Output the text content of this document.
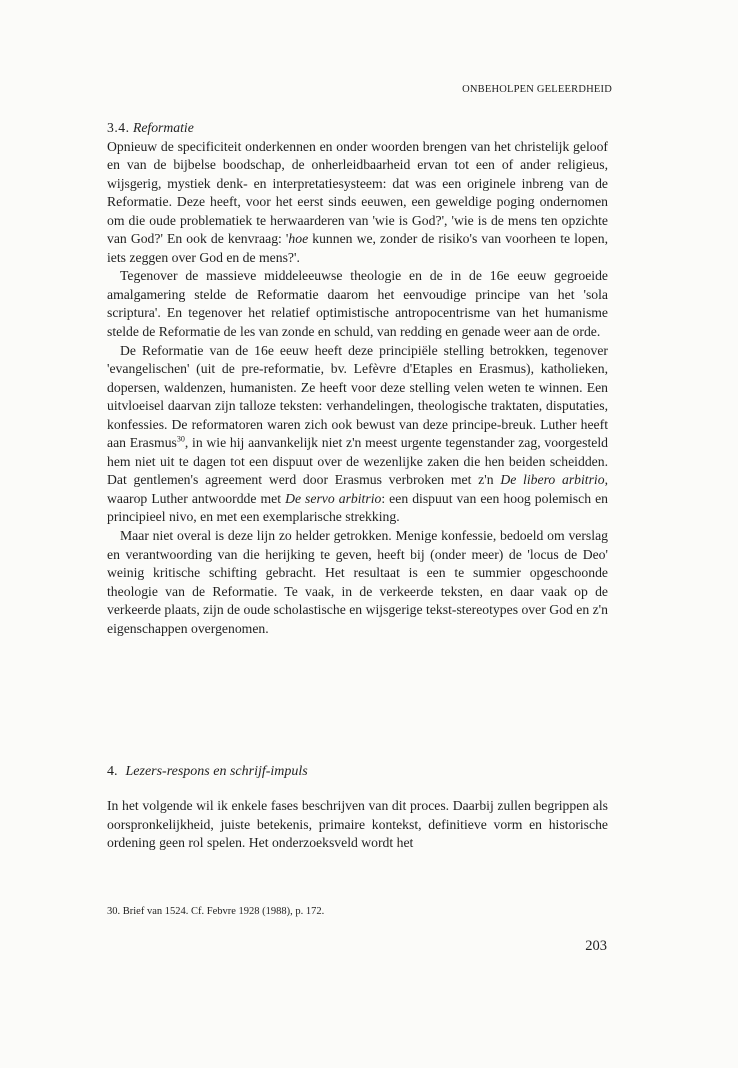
ONBEHOLPEN GELEERDHEID

3.4. Reformatie

Opnieuw de specificiteit onderkennen en onder woorden brengen van het christelijk geloof en van de bijbelse boodschap, de onherleidbaarheid ervan tot een of ander religieus, wijsgerig, mystiek denk- en interpretatiesysteem: dat was een originele inbreng van de Reformatie. Deze heeft, voor het eerst sinds eeuwen, een geweldige poging ondernomen om die oude problematiek te herwaarderen van 'wie is God?', 'wie is de mens ten opzichte van God?' En ook de kenvraag: 'hoe kunnen we, zonder de risiko's van voorheen te lopen, iets zeggen over God en de mens?'.

Tegenover de massieve middeleeuwse theologie en de in de 16e eeuw gegroeide amalgamering stelde de Reformatie daarom het eenvoudige principe van het 'sola scriptura'. En tegenover het relatief optimistische antropocentrisme van het humanisme stelde de Reformatie de les van zonde en schuld, van redding en genade weer aan de orde.

De Reformatie van de 16e eeuw heeft deze principiële stelling betrokken, tegenover 'evangelischen' (uit de pre-reformatie, bv. Lefèvre d'Etaples en Erasmus), katholieken, dopersen, waldenzen, humanisten. Ze heeft voor deze stelling velen weten te winnen. Een uitvloeisel daarvan zijn talloze teksten: verhandelingen, theologische traktaten, disputaties, konfessies. De reformatoren waren zich ook bewust van deze principe-breuk. Luther heeft aan Erasmus$^{30}$, in wie hij aanvankelijk niet z'n meest urgente tegenstander zag, voorgesteld hem niet uit te dagen tot een dispuut over de wezenlijke zaken die hen beiden scheidden. Dat gentlemen's agreement werd door Erasmus verbroken met z'n De libero arbitrio, waarop Luther antwoordde met De servo arbitrio: een dispuut van een hoog polemisch en principieel nivo, en met een exemplarische strekking.

Maar niet overal is deze lijn zo helder getrokken. Menige konfessie, bedoeld om verslag en verantwoording van die herijking te geven, heeft bij (onder meer) de 'locus de Deo' weinig kritische schifting gebracht. Het resultaat is een te summier opgeschoonde theologie van de Reformatie. Te vaak, in de verkeerde teksten, en daar vaak op de verkeerde plaats, zijn de oude scholastische en wijsgerige tekst-stereotypes over God en z'n eigenschappen overgenomen.

4. Lezers-respons en schrijf-impuls

In het volgende wil ik enkele fases beschrijven van dit proces. Daarbij zullen begrippen als oorspronkelijkheid, juiste betekenis, primaire kontekst, definitieve vorm en historische ordening geen rol spelen. Het onderzoeksveld wordt het

30. Brief van 1524. Cf. Febvre 1928 (1988), p. 172.
203
